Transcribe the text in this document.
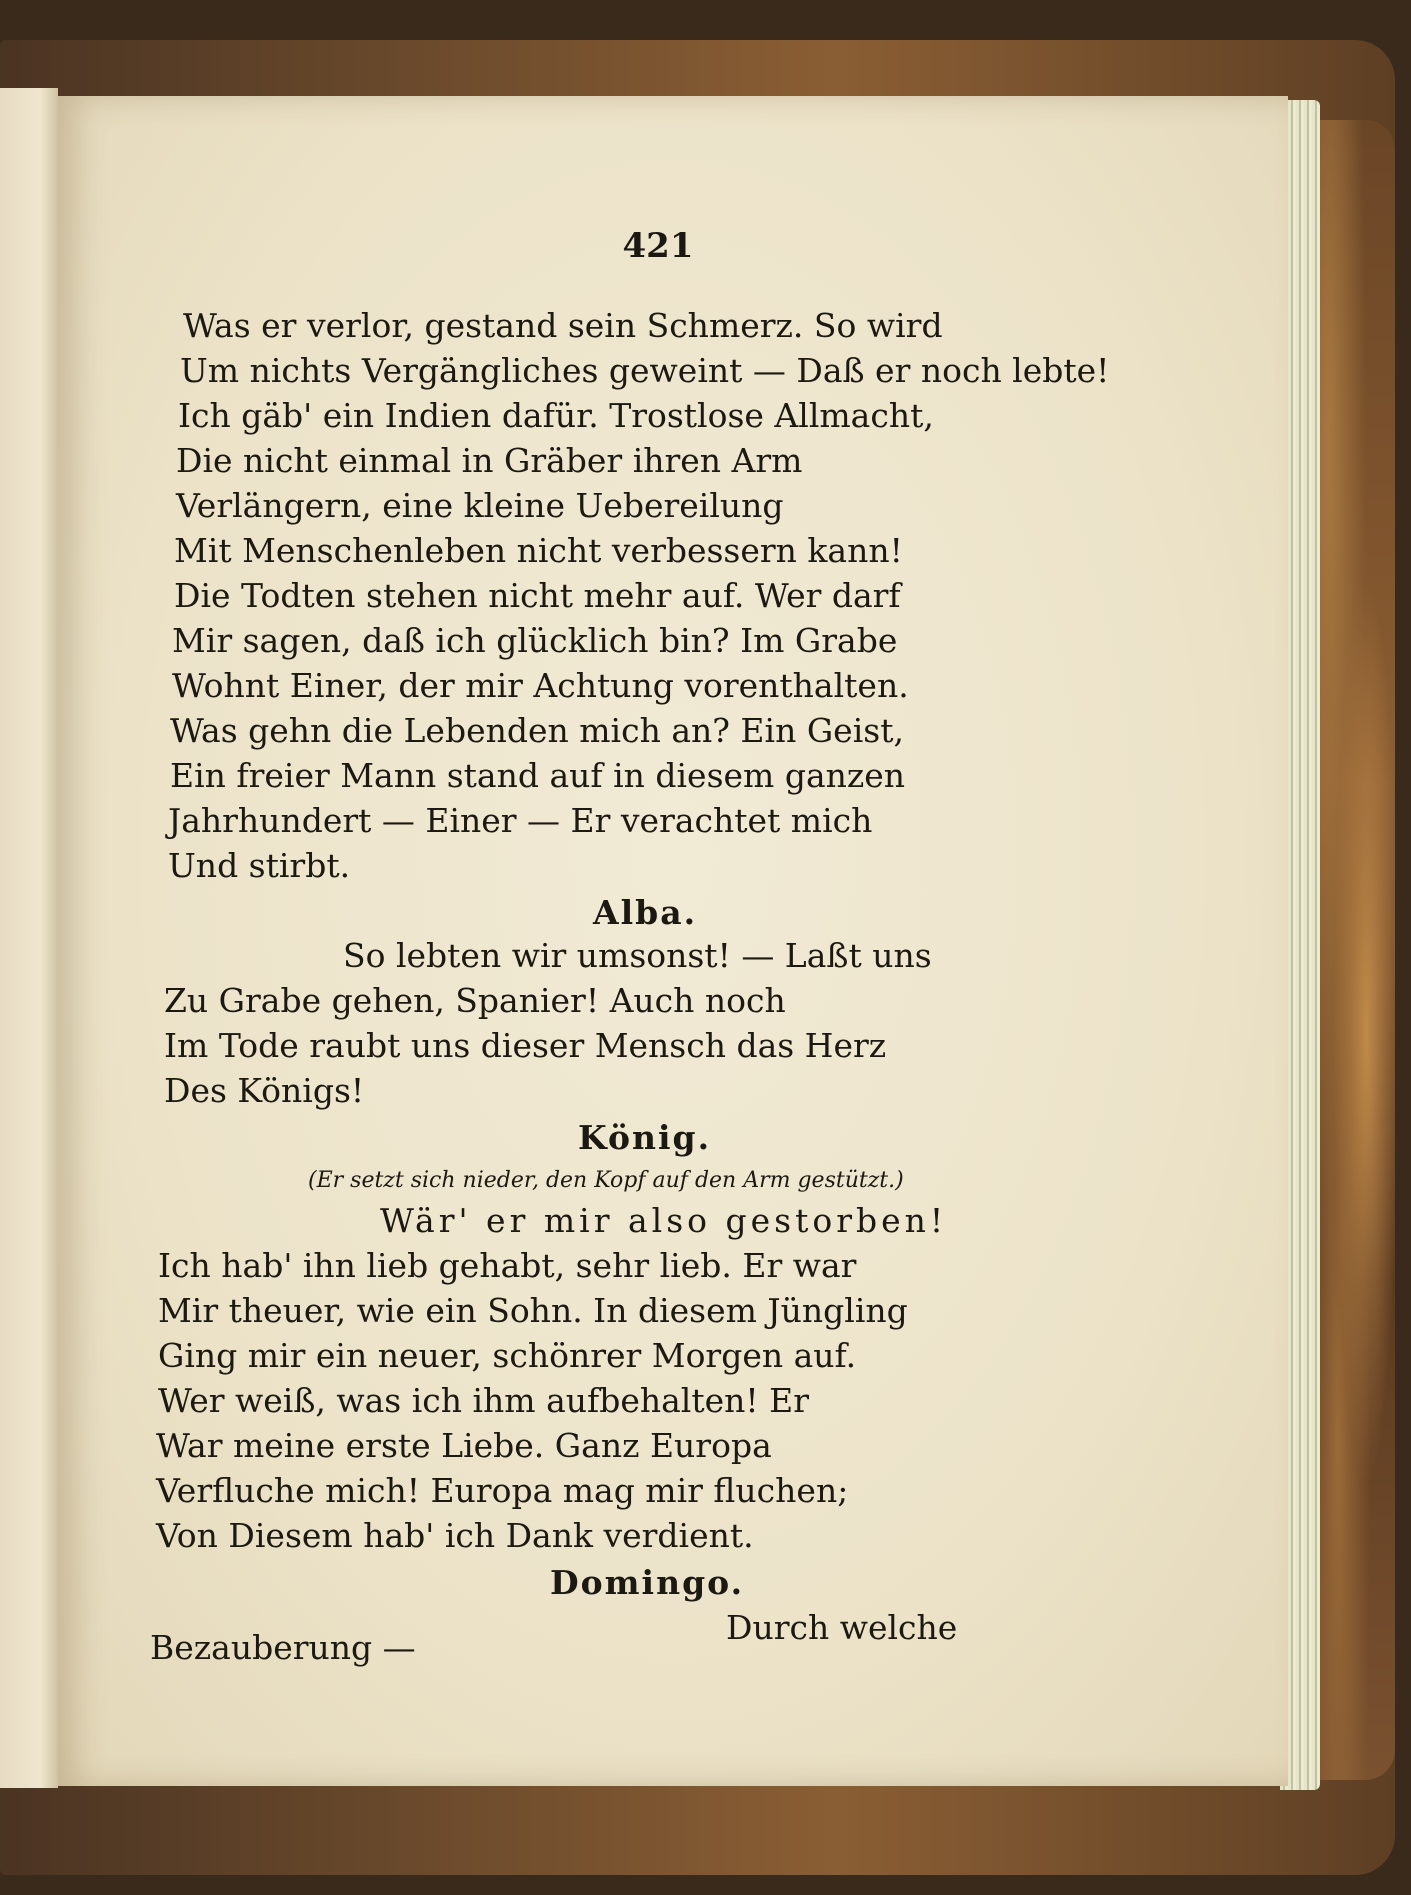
421
Was er verlor, gestand sein Schmerz. So wird
Um nichts Vergängliches geweint — Daß er noch lebte!
Ich gäb' ein Indien dafür. Trostlose Allmacht,
Die nicht einmal in Gräber ihren Arm
Verlängern, eine kleine Uebereilung
Mit Menschenleben nicht verbessern kann!
Die Todten stehen nicht mehr auf. Wer darf
Mir sagen, daß ich glücklich bin? Im Grabe
Wohnt Einer, der mir Achtung vorenthalten.
Was gehn die Lebenden mich an? Ein Geist,
Ein freier Mann stand auf in diesem ganzen
Jahrhundert — Einer — Er verachtet mich
Und stirbt.
Alba.
So lebten wir umsonst! — Laßt uns
Zu Grabe gehen, Spanier! Auch noch
Im Tode raubt uns dieser Mensch das Herz
Des Königs!
König.
(Er setzt sich nieder, den Kopf auf den Arm gestützt.)
Wär' er mir also gestorben!
Ich hab' ihn lieb gehabt, sehr lieb. Er war
Mir theuer, wie ein Sohn. In diesem Jüngling
Ging mir ein neuer, schönrer Morgen auf.
Wer weiß, was ich ihm aufbehalten! Er
War meine erste Liebe. Ganz Europa
Verfluche mich! Europa mag mir fluchen;
Von Diesem hab' ich Dank verdient.
Domingo.
Durch welche
Bezauberung —
